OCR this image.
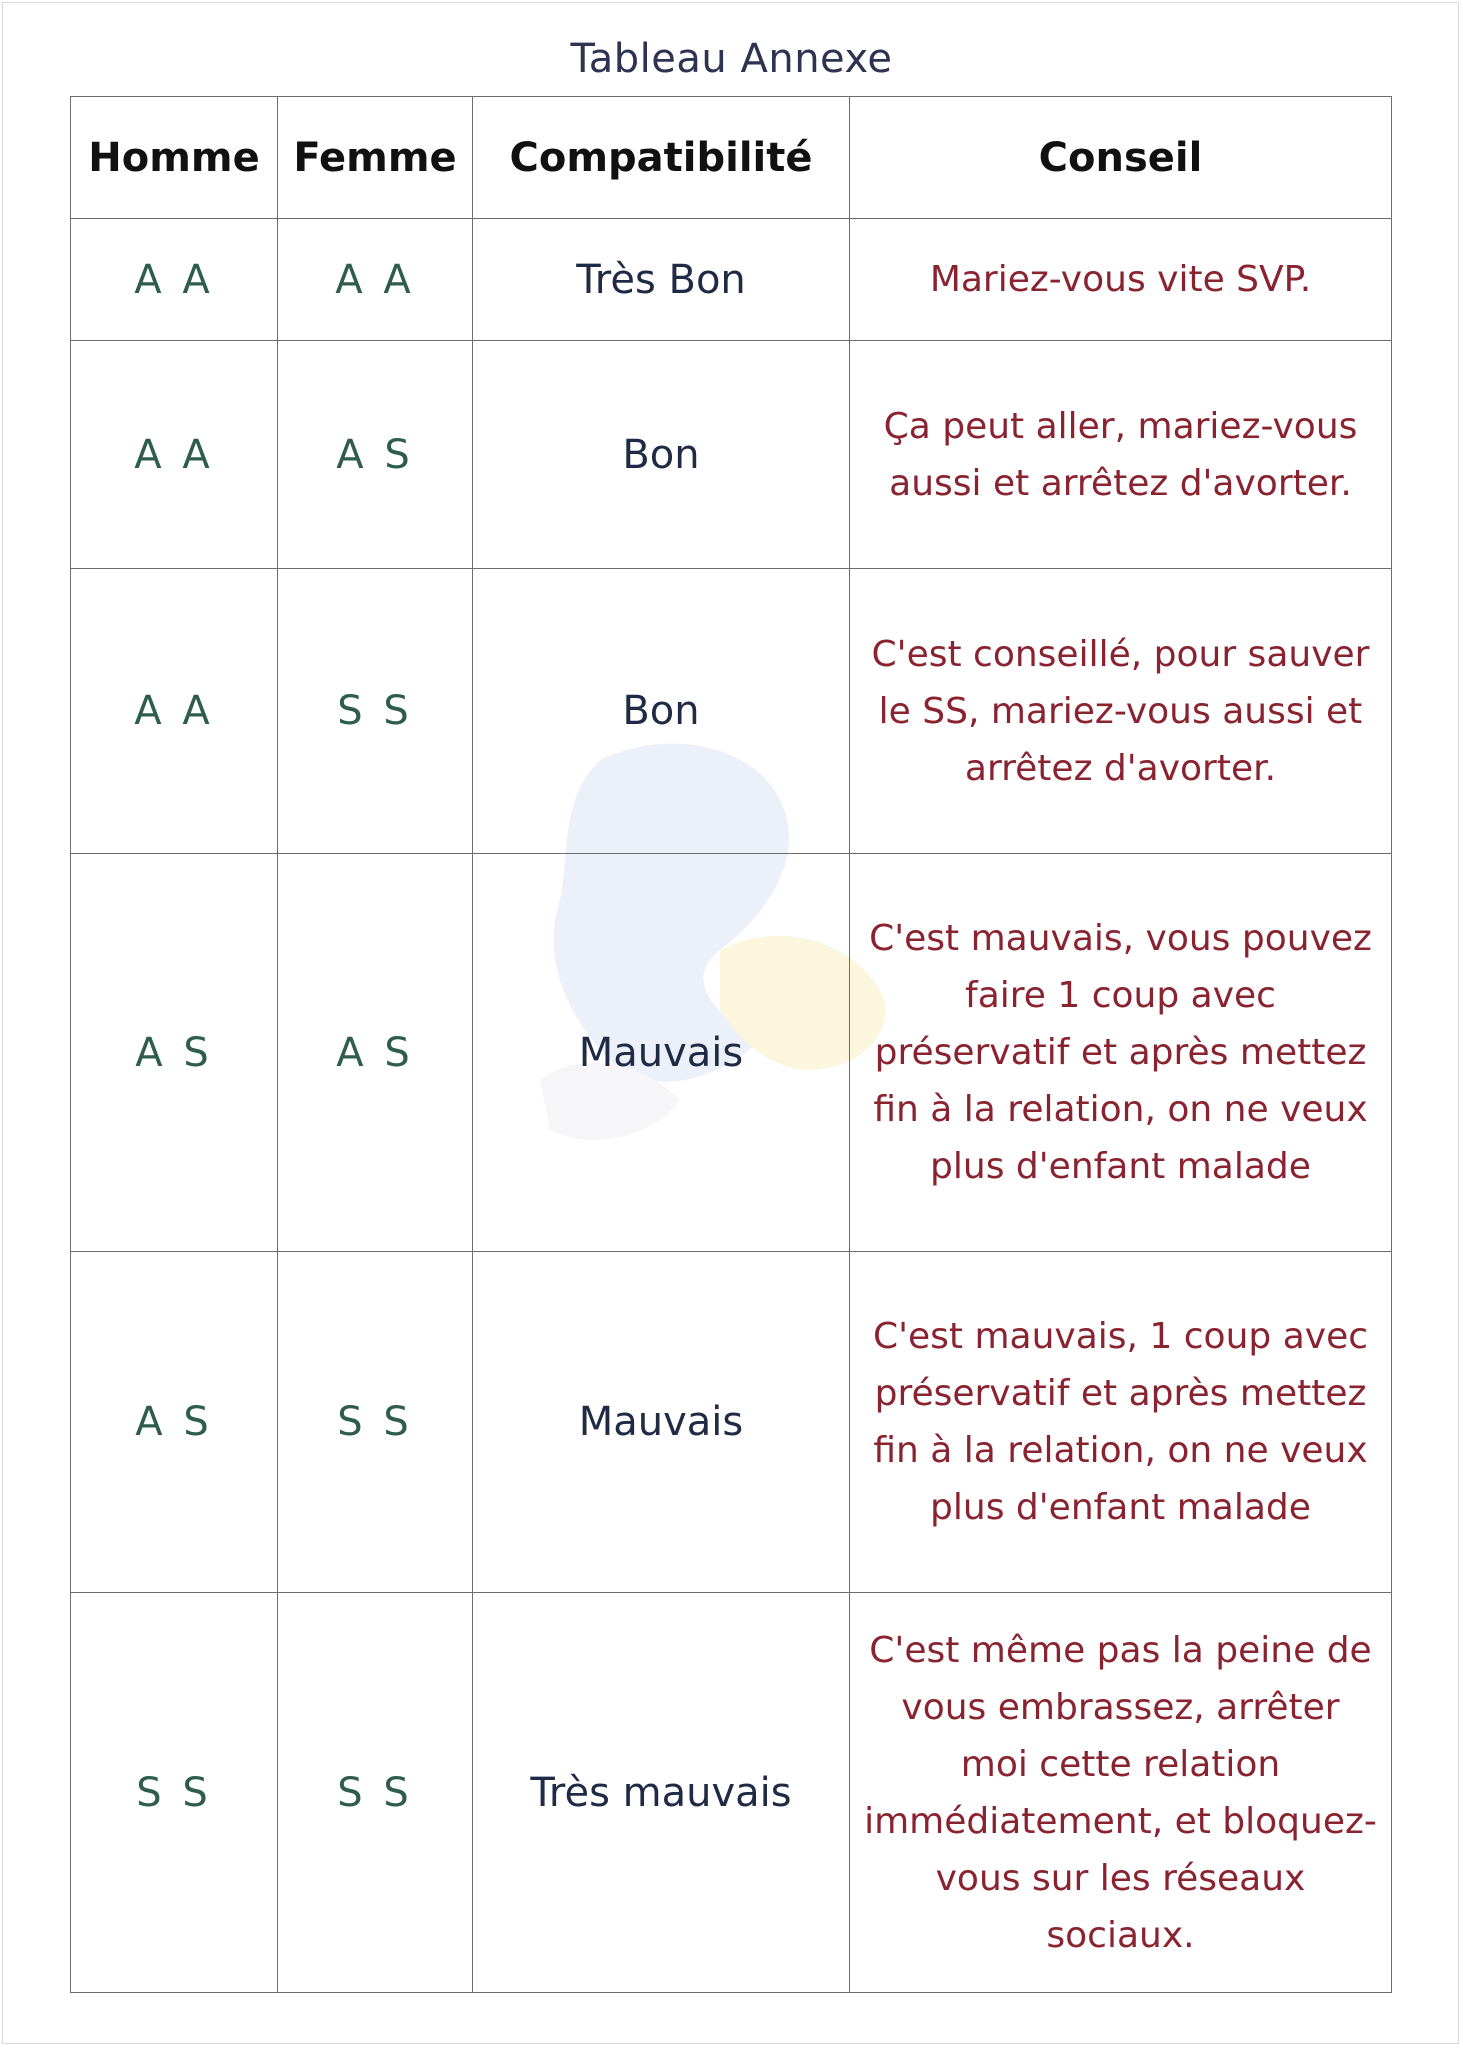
Tableau Annexe
Homme	Femme	Compatibilité	Conseil
A A	A A	Très Bon	Mariez-vous vite SVP.
A A	A S	Bon	Ça peut aller, mariez-vous aussi et arrêtez d'avorter.
A A	S S	Bon	C'est conseillé, pour sauver le SS, mariez-vous aussi et arrêtez d'avorter.
A S	A S	Mauvais	C'est mauvais, vous pouvez faire 1 coup avec préservatif et après mettez fin à la relation, on ne veux plus d'enfant malade
A S	S S	Mauvais	C'est mauvais, 1 coup avec préservatif et après mettez fin à la relation, on ne veux plus d'enfant malade
S S	S S	Très mauvais	C'est même pas la peine de vous embrassez, arrêter moi cette relation immédiatement, et bloquez-vous sur les réseaux sociaux.
